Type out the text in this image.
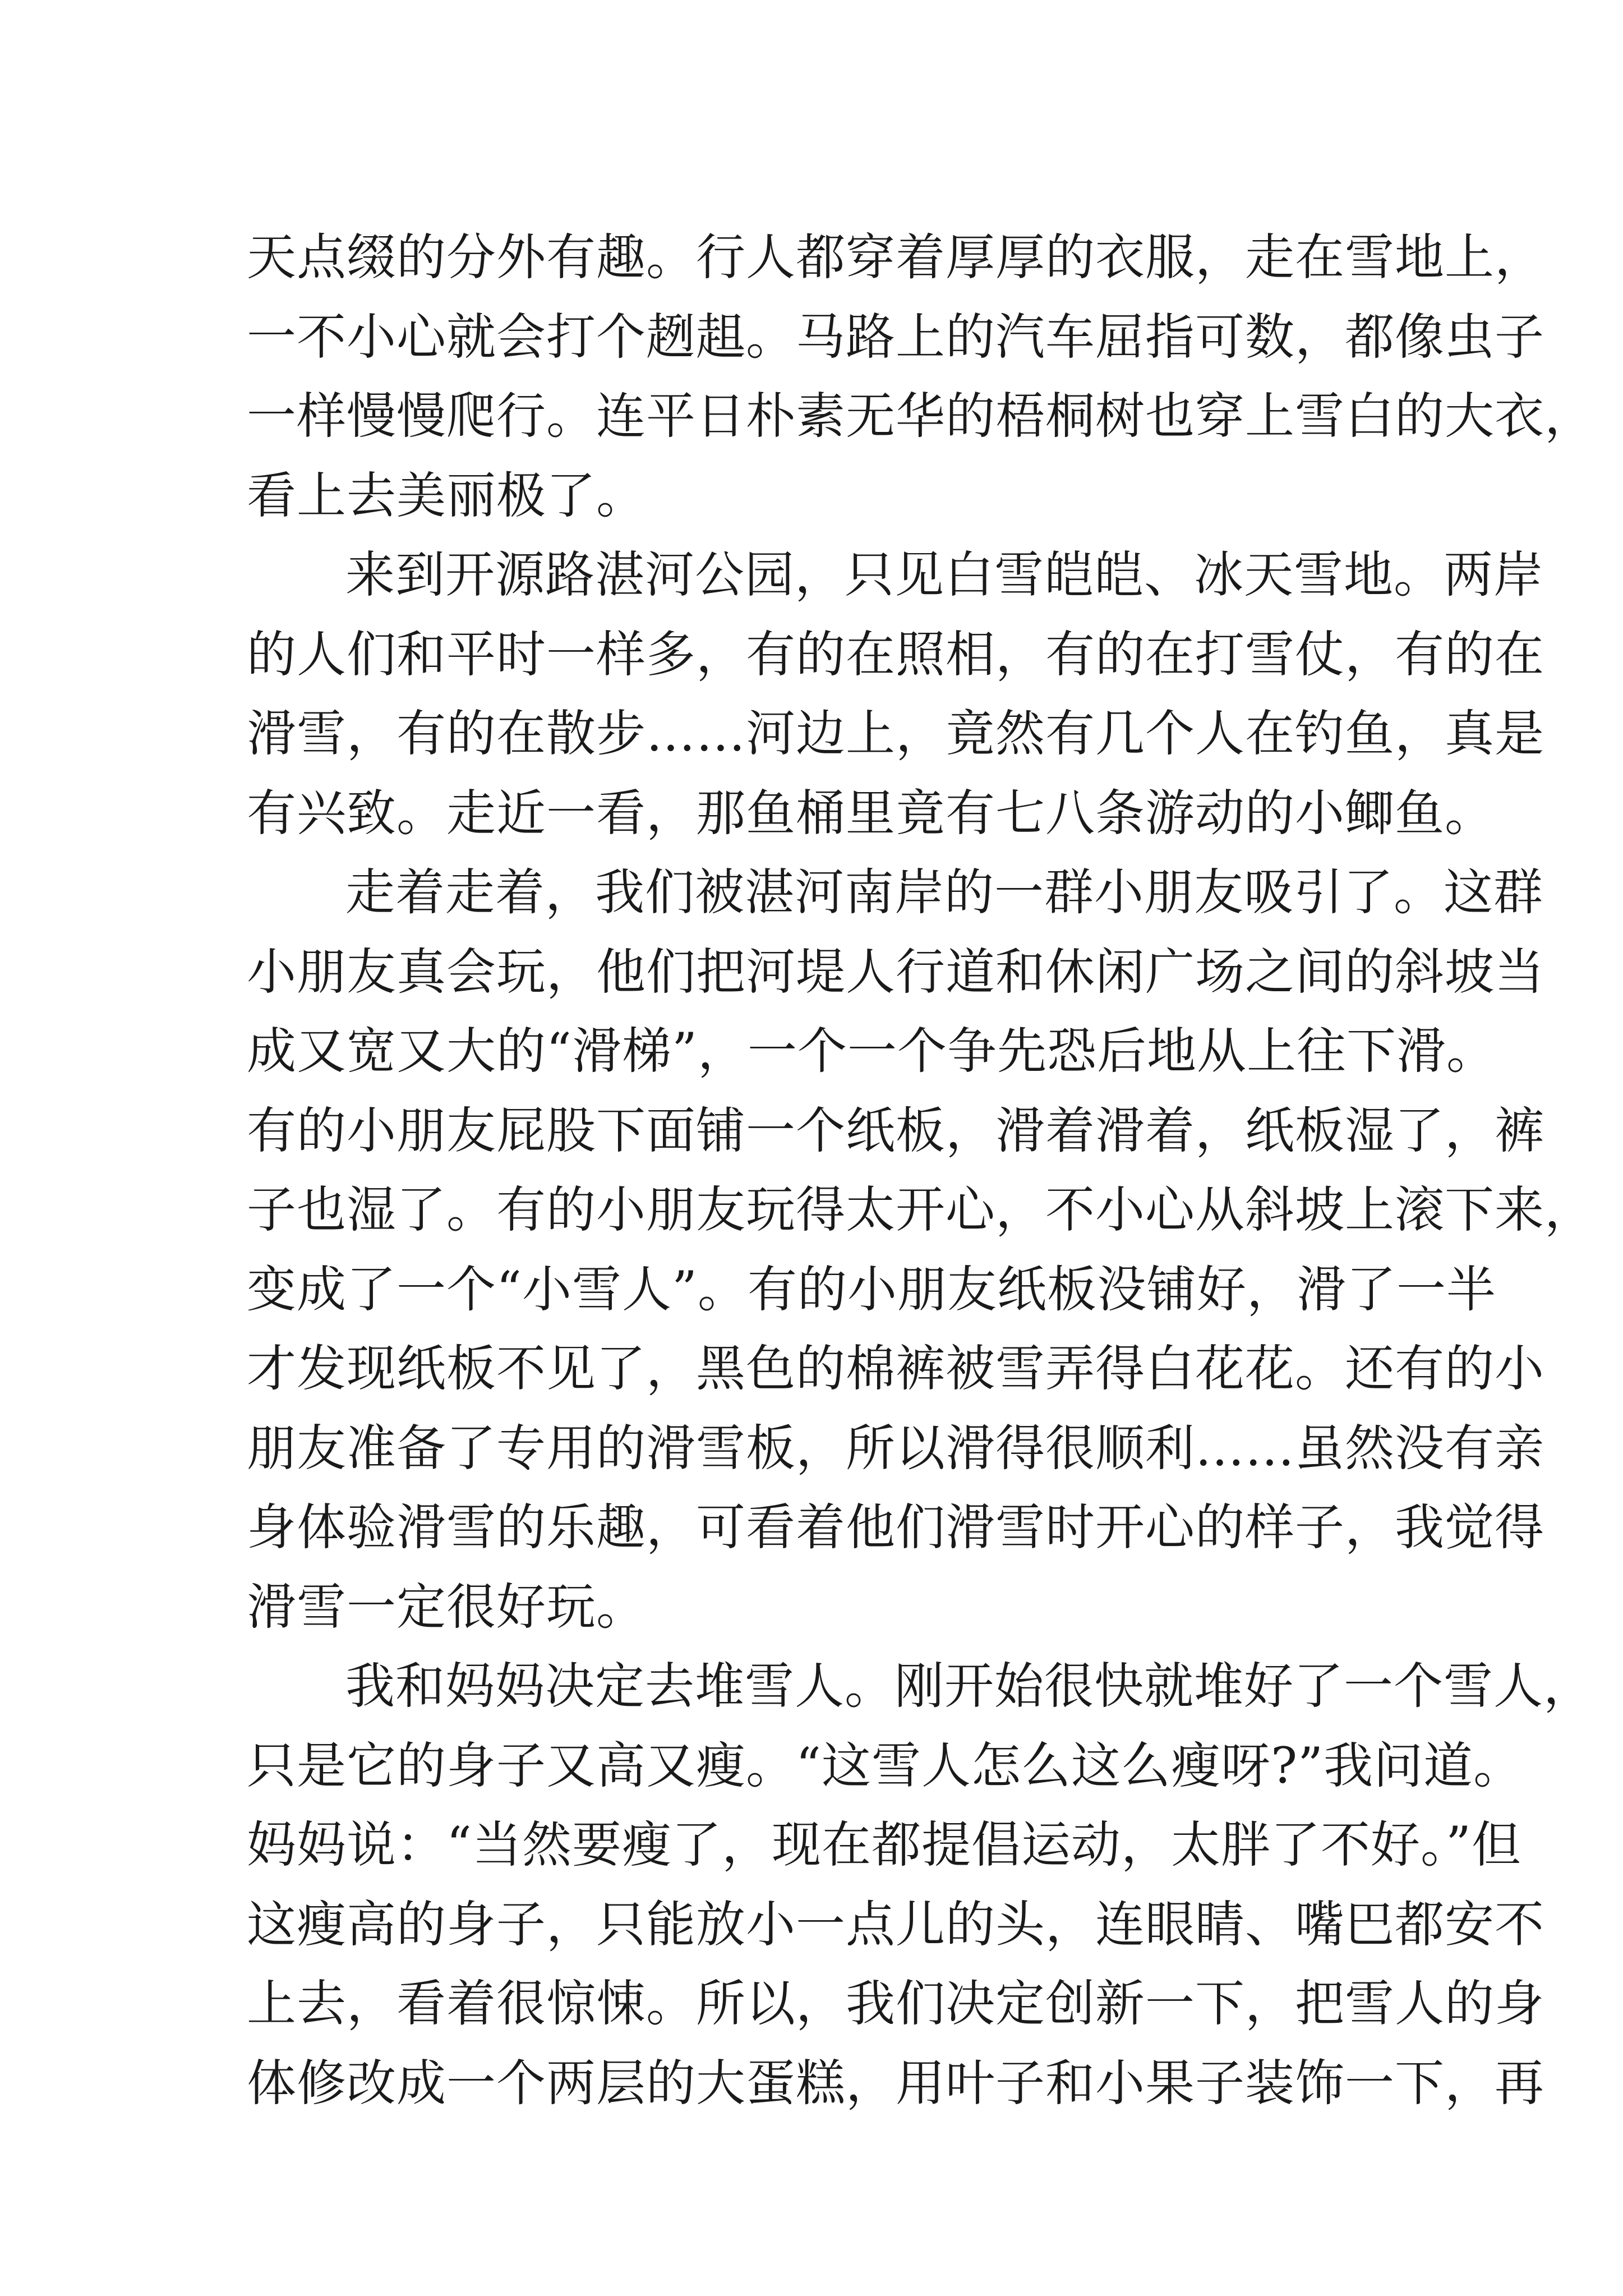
天点缀的分外有趣。行人都穿着厚厚的衣服，走在雪地上，
一不小心就会打个趔趄。马路上的汽车屈指可数，都像虫子
一样慢慢爬行。连平日朴素无华的梧桐树也穿上雪白的大衣，
看上去美丽极了。
来到开源路湛河公园，只见白雪皑皑、冰天雪地。两岸
的人们和平时一样多，有的在照相，有的在打雪仗，有的在
滑雪，有的在散步……河边上，竟然有几个人在钓鱼，真是
有兴致。走近一看，那鱼桶里竟有七八条游动的小鲫鱼。
走着走着，我们被湛河南岸的一群小朋友吸引了。这群
小朋友真会玩，他们把河堤人行道和休闲广场之间的斜坡当
成又宽又大的“滑梯”，一个一个争先恐后地从上往下滑。
有的小朋友屁股下面铺一个纸板，滑着滑着，纸板湿了，裤
子也湿了。有的小朋友玩得太开心，不小心从斜坡上滚下来，
变成了一个“小雪人”。有的小朋友纸板没铺好，滑了一半
才发现纸板不见了，黑色的棉裤被雪弄得白花花。还有的小
朋友准备了专用的滑雪板，所以滑得很顺利……虽然没有亲
身体验滑雪的乐趣，可看着他们滑雪时开心的样子，我觉得
滑雪一定很好玩。
我和妈妈决定去堆雪人。刚开始很快就堆好了一个雪人，
只是它的身子又高又瘦。“这雪人怎么这么瘦呀?”我问道。
妈妈说：“当然要瘦了，现在都提倡运动，太胖了不好。”但
这瘦高的身子，只能放小一点儿的头，连眼睛、嘴巴都安不
上去，看着很惊悚。所以，我们决定创新一下，把雪人的身
体修改成一个两层的大蛋糕，用叶子和小果子装饰一下，再
